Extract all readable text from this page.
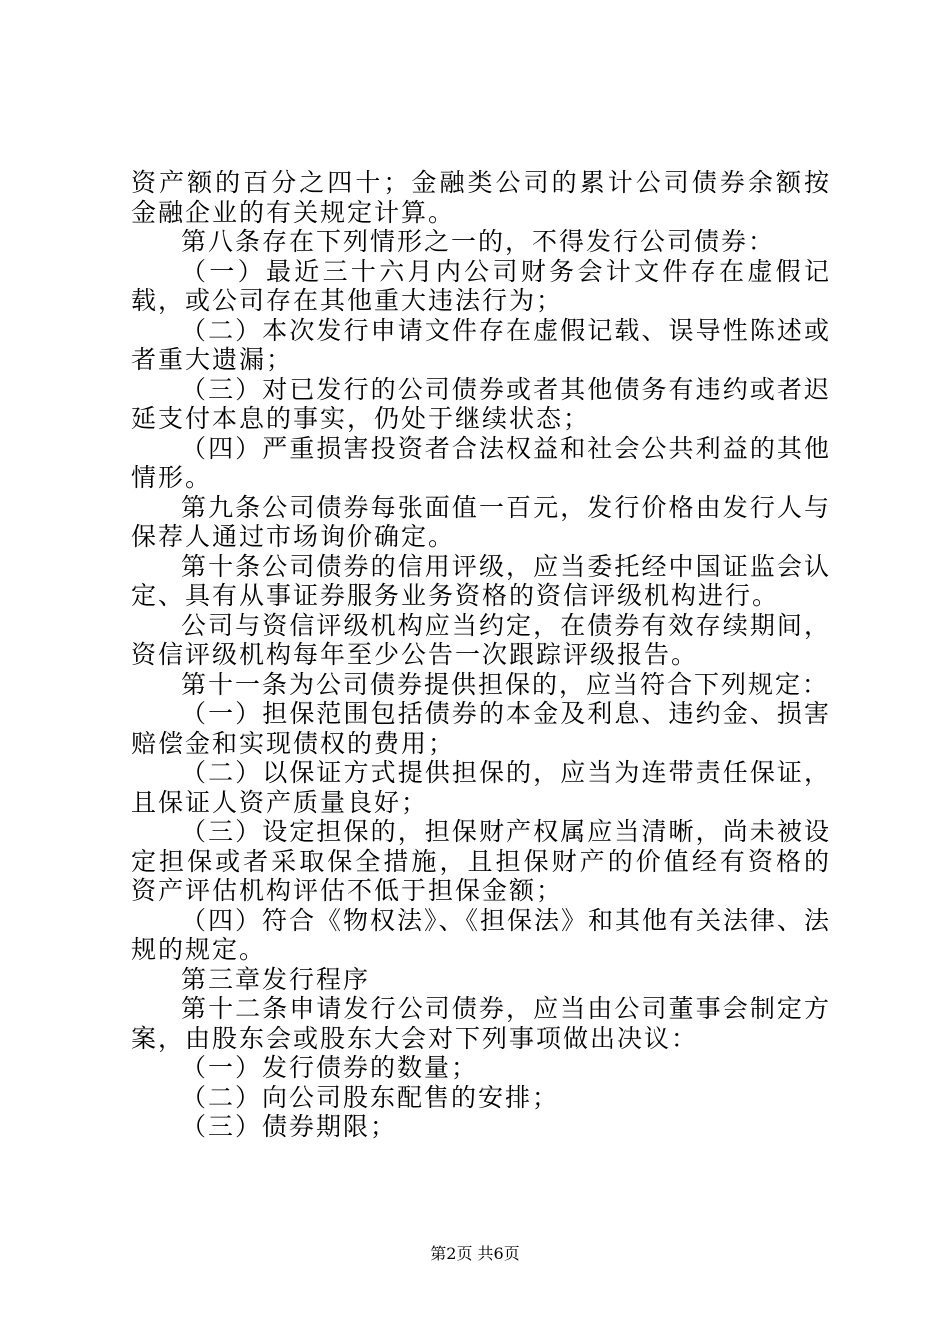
资产额的百分之四十；金融类公司的累计公司债券余额按金融企业的有关规定计算。

第八条存在下列情形之一的，不得发行公司债券：

（一）最近三十六月内公司财务会计文件存在虚假记载，或公司存在其他重大违法行为；

（二）本次发行申请文件存在虚假记载、误导性陈述或者重大遗漏；

（三）对已发行的公司债券或者其他债务有违约或者迟延支付本息的事实，仍处于继续状态；

（四）严重损害投资者合法权益和社会公共利益的其他情形。

第九条公司债券每张面值一百元，发行价格由发行人与保荐人通过市场询价确定。

第十条公司债券的信用评级，应当委托经中国证监会认定、具有从事证券服务业务资格的资信评级机构进行。

公司与资信评级机构应当约定，在债券有效存续期间，资信评级机构每年至少公告一次跟踪评级报告。

第十一条为公司债券提供担保的，应当符合下列规定：

（一）担保范围包括债券的本金及利息、违约金、损害赔偿金和实现债权的费用；

（二）以保证方式提供担保的，应当为连带责任保证，且保证人资产质量良好；

（三）设定担保的，担保财产权属应当清晰，尚未被设定担保或者采取保全措施，且担保财产的价值经有资格的资产评估机构评估不低于担保金额；

（四）符合《物权法》、《担保法》和其他有关法律、法规的规定。

第三章发行程序

第十二条申请发行公司债券，应当由公司董事会制定方案，由股东会或股东大会对下列事项做出决议：

（一）发行债券的数量；

（二）向公司股东配售的安排；

（三）债券期限；

第2页 共6页
